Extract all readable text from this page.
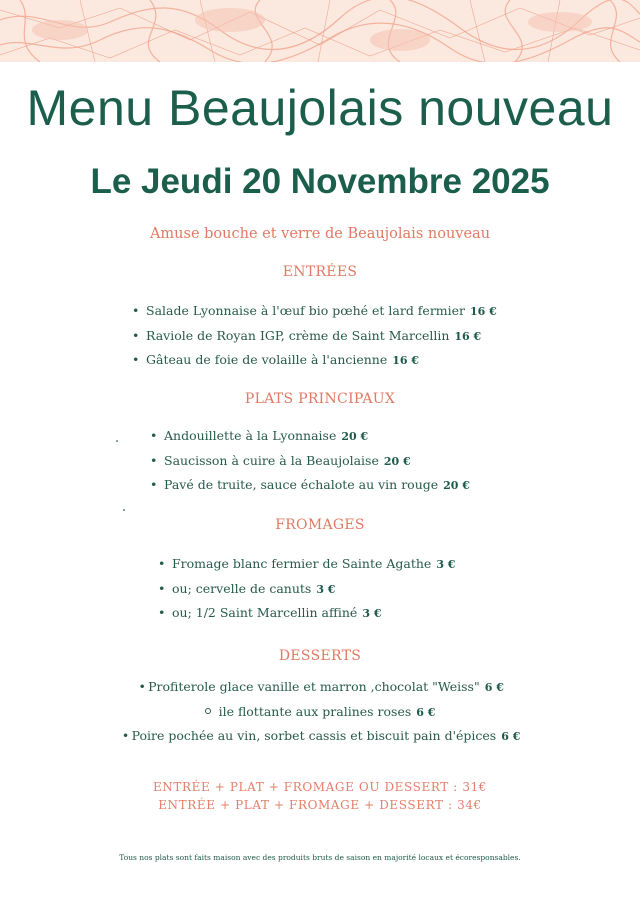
Menu Beaujolais nouveau
Le Jeudi 20 Novembre 2025
Amuse bouche et verre de Beaujolais nouveau
ENTRÉES
• Salade Lyonnaise à l'œuf bio pœhé et lard fermier 16 €
• Raviole de Royan IGP, crème de Saint Marcellin 16 €
• Gâteau de foie de volaille à l'ancienne 16 €
PLATS PRINCIPAUX
• Andouillette à la Lyonnaise 20 €
• Saucisson à cuire à la Beaujolaise 20 €
• Pavé de truite, sauce échalote au vin rouge 20 €
FROMAGES
• Fromage blanc fermier de Sainte Agathe 3 €
• ou; cervelle de canuts 3 €
• ou; 1/2 Saint Marcellin affiné 3 €
DESSERTS
• Profiterole glace vanille et marron ,chocolat "Weiss" 6 €
ile flottante aux pralines roses 6 €
• Poire pochée au vin, sorbet cassis et biscuit pain d'épices 6 €
ENTRÉE + PLAT + FROMAGE OU DESSERT : 31€
ENTRÉE + PLAT + FROMAGE + DESSERT : 34€
Tous nos plats sont faits maison avec des produits bruts de saison en majorité locaux et écoresponsables.
